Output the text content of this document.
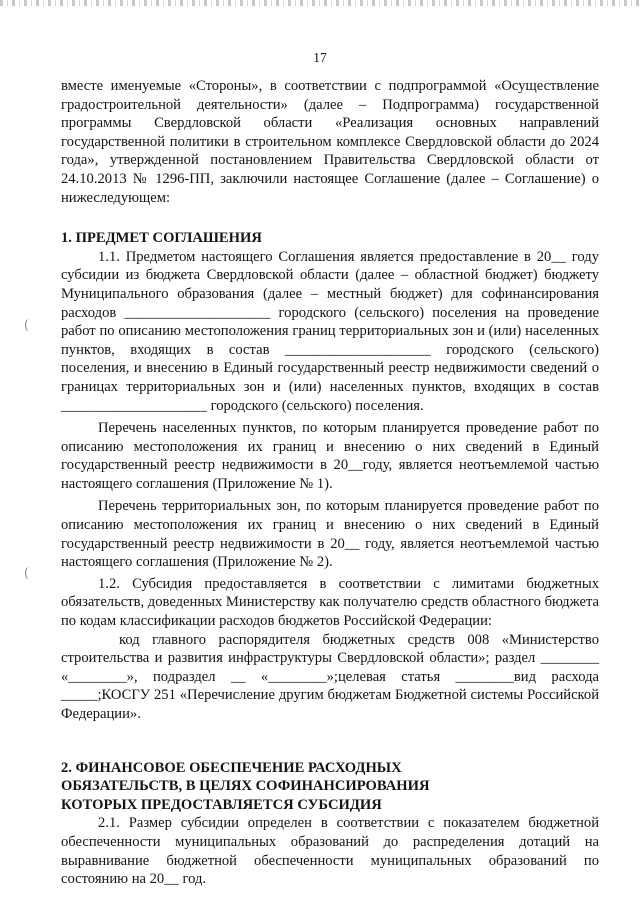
(
(
17

вместе именуемые «Стороны», в соответствии с подпрограммой «Осуществление градостроительной деятельности» (далее – Подпрограмма) государственной программы Свердловской области «Реализация основных направлений государственной политики в строительном комплексе Свердловской области до 2024 года», утвержденной постановлением Правительства Свердловской области от 24.10.2013 № 1296-ПП, заключили настоящее Соглашение (далее – Соглашение) о нижеследующем:

1. ПРЕДМЕТ СОГЛАШЕНИЯ

1.1. Предметом настоящего Соглашения является предоставление в 20__ году субсидии из бюджета Свердловской области (далее – областной бюджет) бюджету Муниципального образования (далее – местный бюджет) для софинансирования расходов ____________________ городского (сельского) поселения на проведение работ по описанию местоположения границ территориальных зон и (или) населенных пунктов, входящих в состав ____________________ городского (сельского) поселения, и внесению в Единый государственный реестр недвижимости сведений о границах территориальных зон и (или) населенных пунктов, входящих в состав ____________________ городского (сельского) поселения.

Перечень населенных пунктов, по которым планируется проведение работ по описанию местоположения их границ и внесению о них сведений в Единый государственный реестр недвижимости в 20__году, является неотъемлемой частью настоящего соглашения (Приложение № 1).

Перечень территориальных зон, по которым планируется проведение работ по описанию местоположения их границ и внесению о них сведений в Единый государственный реестр недвижимости в 20__ году, является неотъемлемой частью настоящего соглашения (Приложение № 2).

1.2. Субсидия предоставляется в соответствии с лимитами бюджетных обязательств, доведенных Министерству как получателю средств областного бюджета по кодам классификации расходов бюджетов Российской Федерации:

код главного распорядителя бюджетных средств 008 «Министерство строительства и развития инфраструктуры Свердловской области»; раздел ________ «________», подраздел __ «________»;целевая статья ________вид расхода _____;КОСГУ 251 «Перечисление другим бюджетам Бюджетной системы Российской Федерации».

2. ФИНАНСОВОЕ ОБЕСПЕЧЕНИЕ РАСХОДНЫХ

ОБЯЗАТЕЛЬСТВ, В ЦЕЛЯХ СОФИНАНСИРОВАНИЯ

КОТОРЫХ ПРЕДОСТАВЛЯЕТСЯ СУБСИДИЯ

2.1. Размер субсидии определен в соответствии с показателем бюджетной обеспеченности муниципальных образований до распределения дотаций на выравнивание бюджетной обеспеченности муниципальных образований по состоянию на 20__ год.
